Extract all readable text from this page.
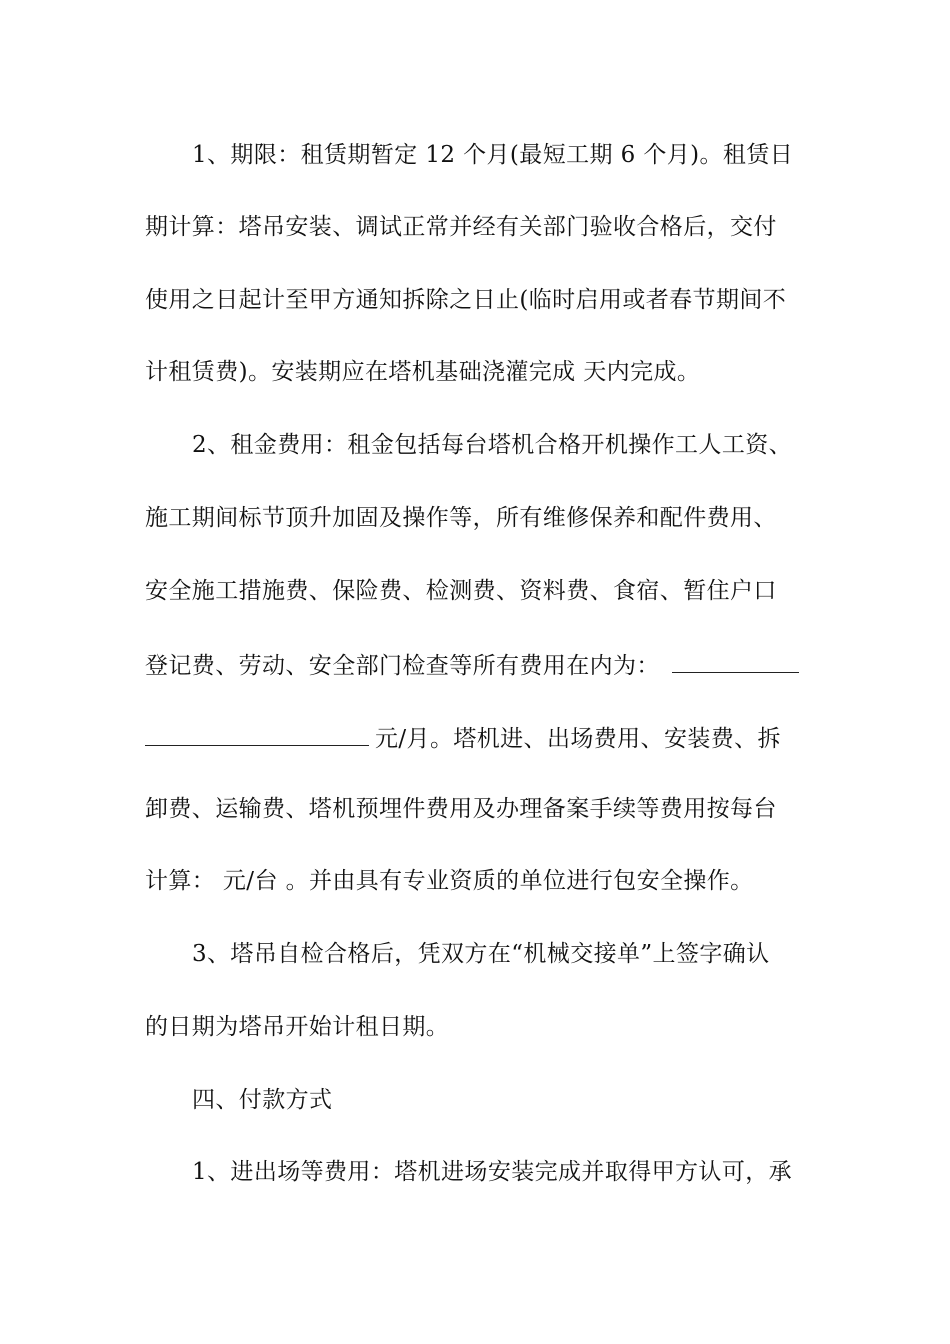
1、期限：租赁期暂定 12 个月(最短工期 6 个月)。租赁日
期计算：塔吊安装、调试正常并经有关部门验收合格后，交付
使用之日起计至甲方通知拆除之日止(临时启用或者春节期间不
计租赁费)。安装期应在塔机基础浇灌完成 天内完成。
2、租金费用：租金包括每台塔机合格开机操作工人工资、
施工期间标节顶升加固及操作等，所有维修保养和配件费用、
安全施工措施费、保险费、检测费、资料费、食宿、暂住户口
登记费、劳动、安全部门检查等所有费用在内为：
元/月。塔机进、出场费用、安装费、拆
卸费、运输费、塔机预埋件费用及办理备案手续等费用按每台
计算： 元/台 。并由具有专业资质的单位进行包安全操作。
3、塔吊自检合格后，凭双方在“机械交接单”上签字确认
的日期为塔吊开始计租日期。
四、付款方式
1、进出场等费用：塔机进场安装完成并取得甲方认可，承
